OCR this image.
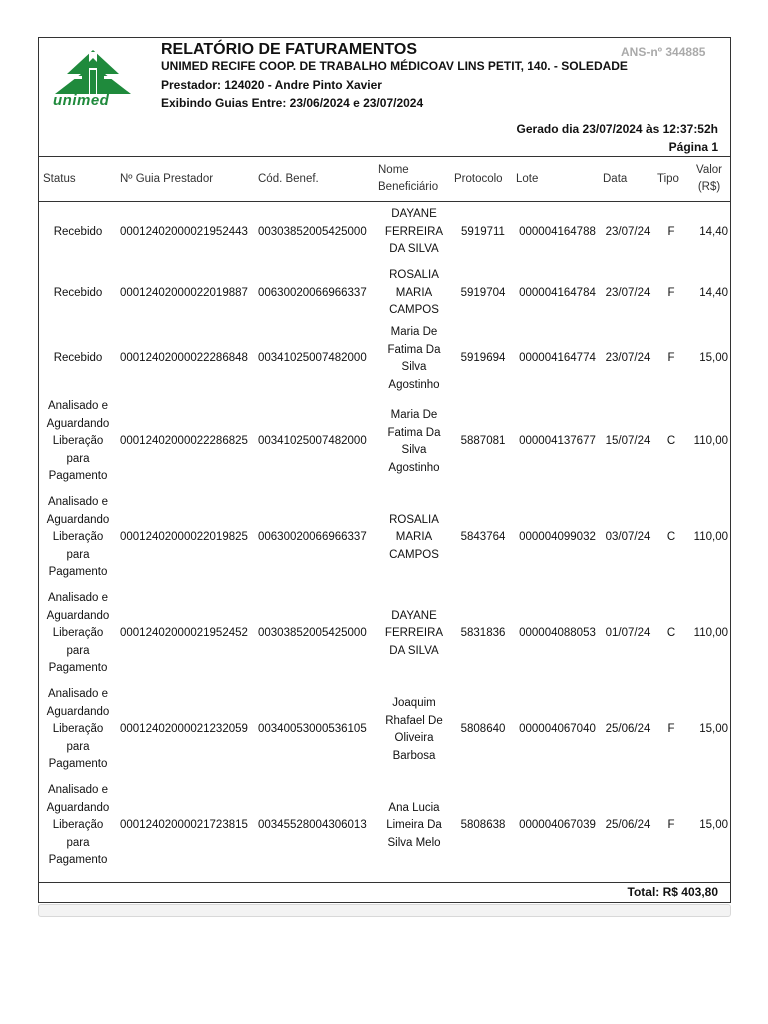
unimed
RELATÓRIO DE FATURAMENTOS	ANS-nº 344885
UNIMED RECIFE COOP. DE TRABALHO MÉDICOAV LINS PETIT, 140. - SOLEDADE
Prestador: 124020 - Andre Pinto Xavier
Exibindo Guias Entre: 23/06/2024 e 23/07/2024
Gerado dia 23/07/2024 às 12:37:52h
Página 1
Status	Nº Guia Prestador	Cód. Benef.	Nome Beneficiário	Protocolo	Lote	Data	Tipo	Valor (R$)
Recebido	00012402000021952443	00303852005425000	DAYANE FERREIRA DA SILVA	5919711	000004164788	23/07/24	F	14,40
Recebido	00012402000022019887	00630020066966337	ROSALIA MARIA CAMPOS	5919704	000004164784	23/07/24	F	14,40
Recebido	00012402000022286848	00341025007482000	Maria De Fatima Da Silva Agostinho	5919694	000004164774	23/07/24	F	15,00
Analisado e Aguardando Liberação para Pagamento	00012402000022286825	00341025007482000	Maria De Fatima Da Silva Agostinho	5887081	000004137677	15/07/24	C	110,00
Analisado e Aguardando Liberação para Pagamento	00012402000022019825	00630020066966337	ROSALIA MARIA CAMPOS	5843764	000004099032	03/07/24	C	110,00
Analisado e Aguardando Liberação para Pagamento	00012402000021952452	00303852005425000	DAYANE FERREIRA DA SILVA	5831836	000004088053	01/07/24	C	110,00
Analisado e Aguardando Liberação para Pagamento	00012402000021232059	00340053000536105	Joaquim Rhafael De Oliveira Barbosa	5808640	000004067040	25/06/24	F	15,00
Analisado e Aguardando Liberação para Pagamento	00012402000021723815	00345528004306013	Ana Lucia Limeira Da Silva Melo	5808638	000004067039	25/06/24	F	15,00
Total: R$ 403,80
